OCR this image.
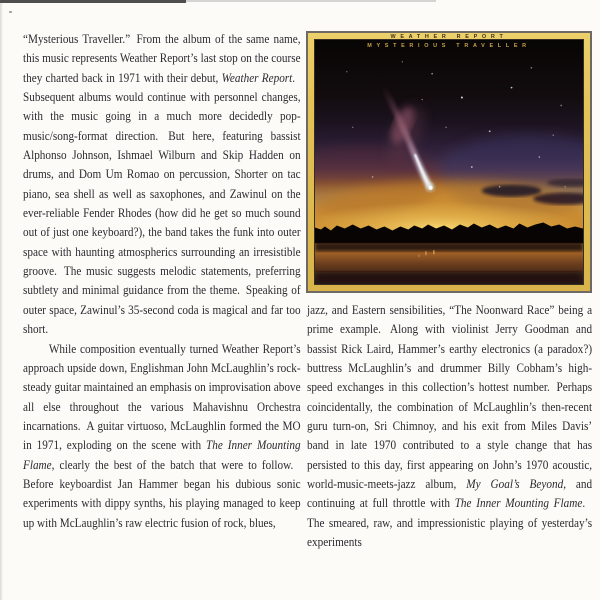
“Mysterious Traveller.”  From the album of the same name, this music represents Weather Report’s last stop on the course they charted back in 1971 with their debut, Weather Report.  Subsequent albums would continue with personnel changes, with the music going in a much more decidedly pop-music/song-format direction.  But here, featuring bassist Alphonso Johnson, Ishmael Wilburn and Skip Hadden on drums, and Dom Um Romao on percussion, Shorter on tac piano, sea shell as well as saxophones, and Zawinul on the ever-reliable Fender Rhodes (how did he get so much sound out of just one keyboard?), the band takes the funk into outer space with haunting atmospherics surrounding an irresistible groove.  The music suggests melodic statements, preferring subtlety and minimal guidance from the theme.  Speaking of outer space, Zawinul’s 35-second coda is magical and far too short.

While composition eventually turned Weather Report’s approach upside down, Englishman John McLaughlin’s rock-steady guitar maintained an emphasis on improvisation above all else throughout the various Mahavishnu Orchestra incarnations.  A guitar virtuoso, McLaughlin formed the MO in 1971, exploding on the scene with The Inner Mounting Flame, clearly the best of the batch that were to follow.  Before keyboardist Jan Hammer began his dubious sonic experiments with dippy synths, his playing managed to keep up with McLaughlin’s raw electric fusion of rock, blues,

WEATHER REPORT
MYSTERIOUS TRAVELLER

jazz, and Eastern sensibilities, “The Noonward Race” being a prime example.  Along with violinist Jerry Goodman and bassist Rick Laird, Hammer’s earthy electronics (a paradox?) buttress McLaughlin’s and drummer Billy Cobham’s high-speed exchanges in this collection’s hottest number.  Perhaps coincidentally, the combination of McLaughlin’s then-recent guru turn-on, Sri Chimnoy, and his exit from Miles Davis’ band in late 1970 contributed to a style change that has persisted to this day, first appearing on John’s 1970 acoustic, world-music-meets-jazz album, My Goal’s Beyond, and continuing at full throttle with The Inner Mounting Flame.  The smeared, raw, and impressionistic playing of yesterday’s experiments
